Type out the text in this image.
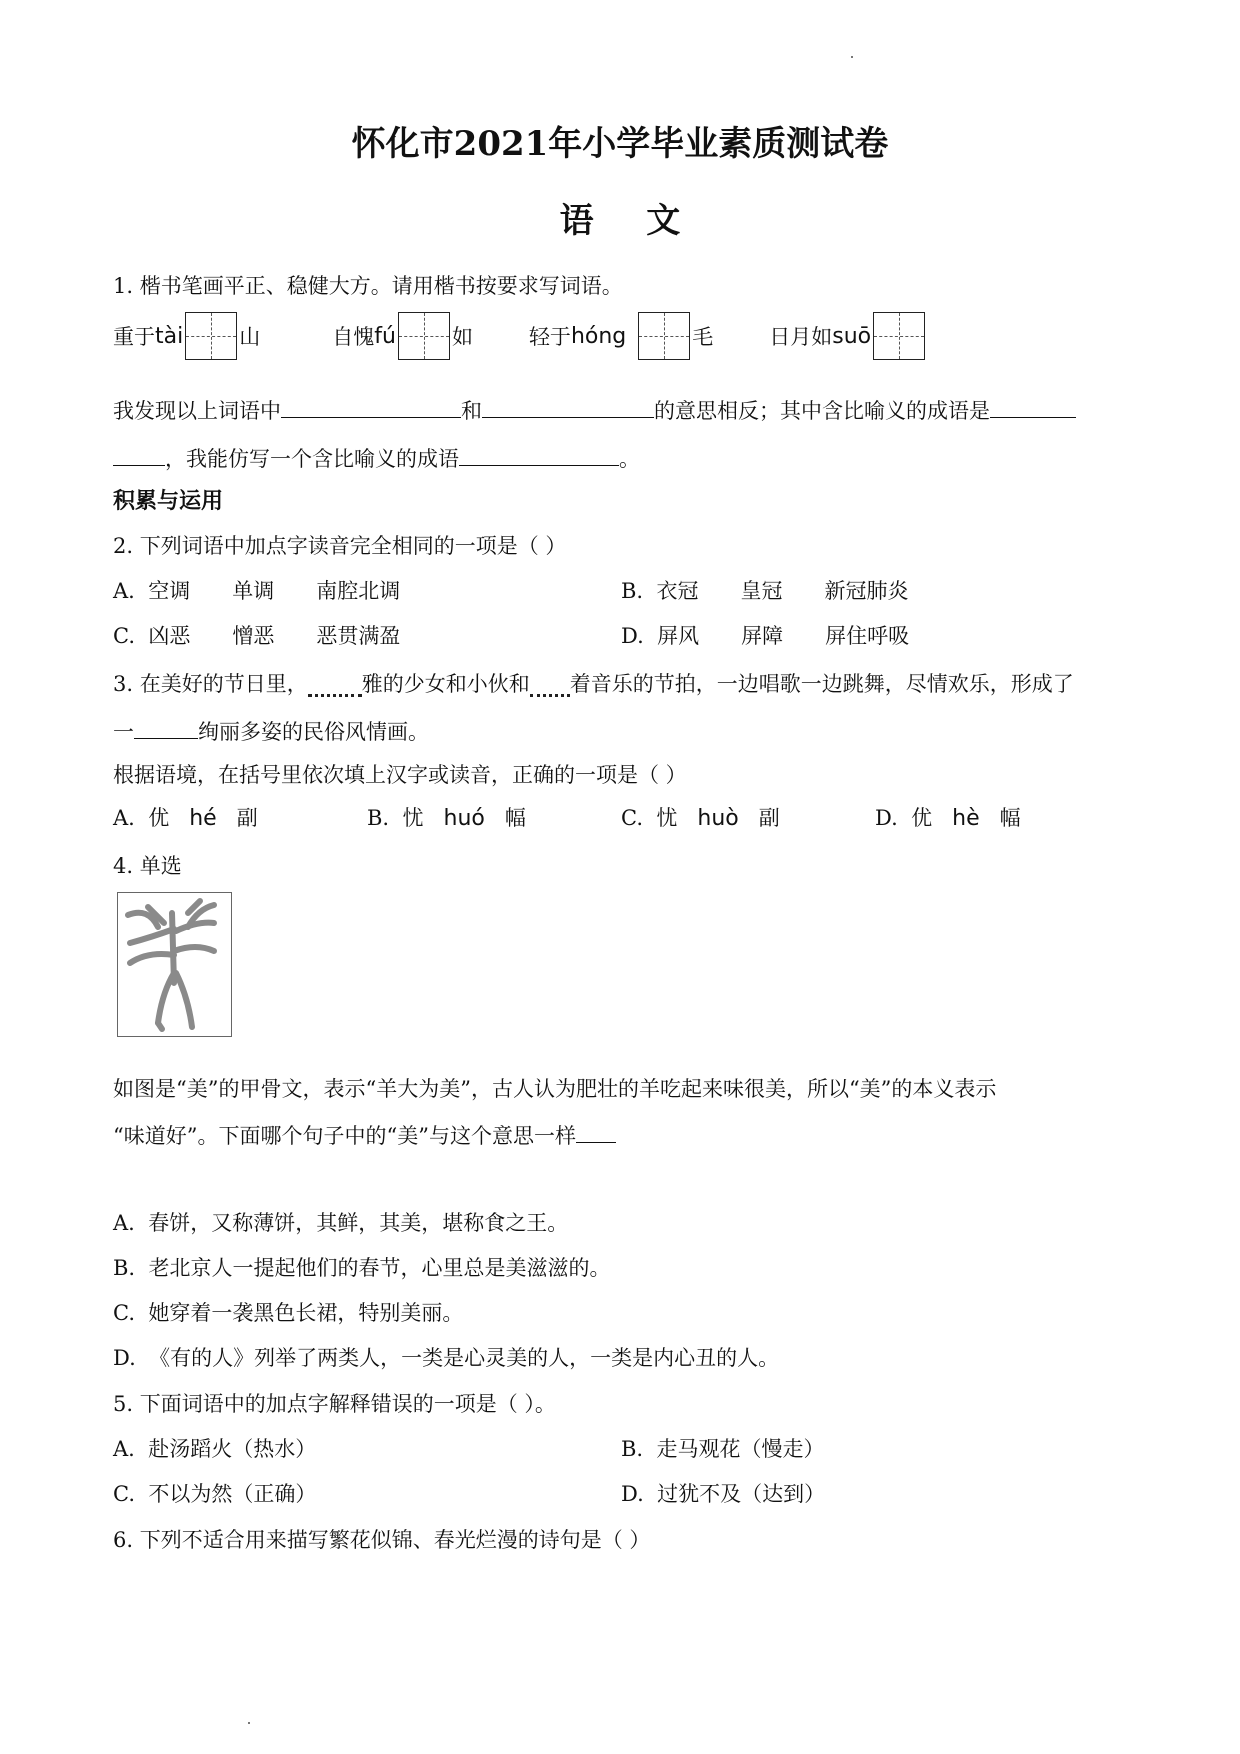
怀化市2021年小学毕业素质测试卷
语 文
1. 楷书笔画平正、稳健大方。请用楷书按要求写词语。
重于 tài	山	自愧 fú	如	轻于 hóng	毛	日月如 suō
我发现以上词语中	和	的意思相反；其中含比喻义的成语是
，我能仿写一个含比喻义的成语	。
积累与运用
2. 下列词语中加点字读音完全相同的一项是（ ）
A. 空调　　单调　　南腔北调	B. 衣冠　　皇冠　　新冠肺炎
C. 凶恶　　憎恶　　恶贯满盈	D. 屏风　　屏障　　屏住呼吸
3. 在美好的节日里，	雅的少女和小伙和 着音乐的节拍，一边唱歌一边跳舞，尽情欢乐，形成了
一	绚丽多姿的民俗风情画。
根据语境，在括号里依次填上汉字或读音，正确的一项是（ ）
A. 优 hé 副	B. 忧 huó 幅	C. 忧 huò 副	D. 优 hè 幅
4. 单选
如图是“美”的甲骨文，表示“羊大为美”，古人认为肥壮的羊吃起来味很美，所以“美”的本义表示
“味道好”。下面哪个句子中的“美”与这个意思一样
A. 春饼，又称薄饼，其鲜，其美，堪称食之王。
B. 老北京人一提起他们的春节，心里总是美滋滋的。
C. 她穿着一袭黑色长裙，特别美丽。
D. 《有的人》列举了两类人，一类是心灵美的人，一类是内心丑的人。
5. 下面词语中的加点字解释错误的一项是（ ）。
A. 赴汤蹈火（热水）	B. 走马观花（慢走）
C. 不以为然（正确）	D. 过犹不及（达到）
6. 下列不适合用来描写繁花似锦、春光烂漫的诗句是（ ）
